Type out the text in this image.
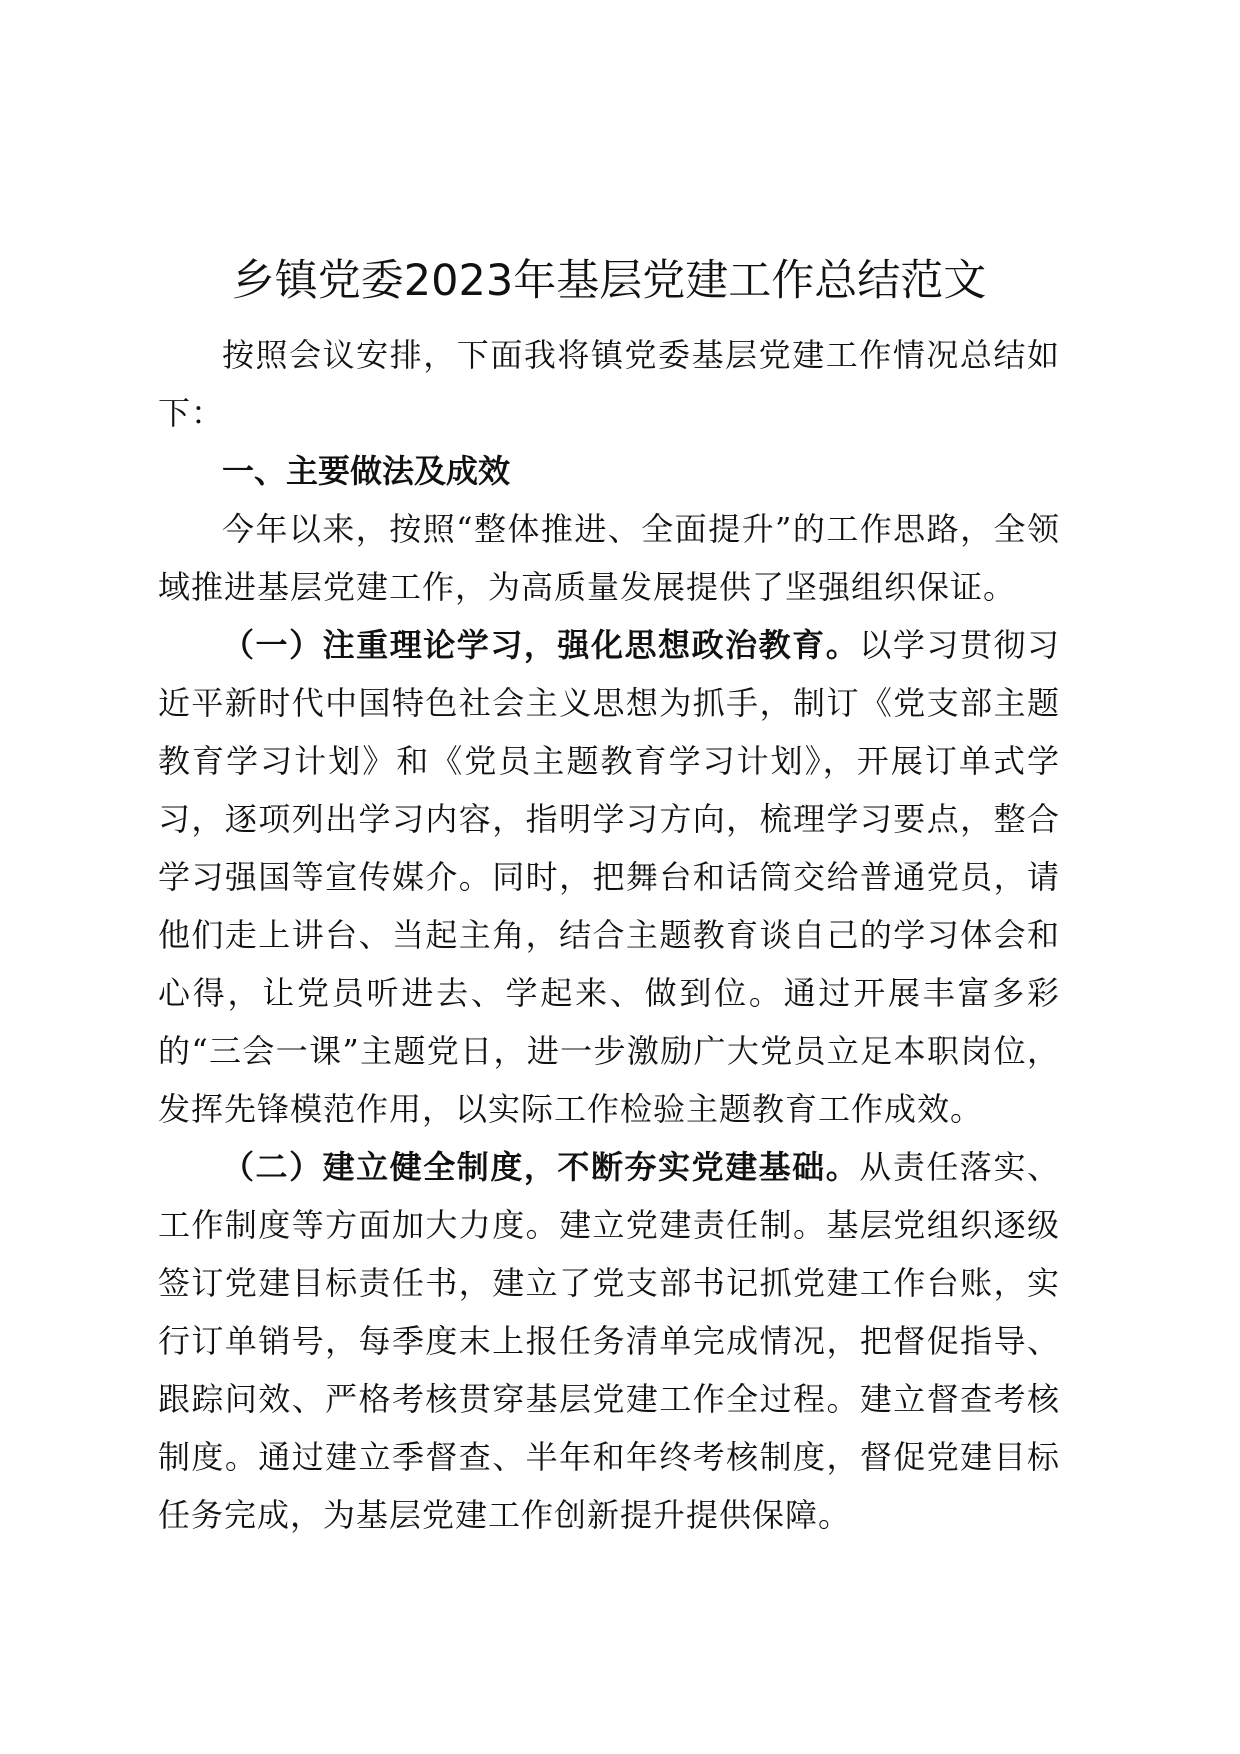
乡镇党委2023年基层党建工作总结范文

按照会议安排，下面我将镇党委基层党建工作情况总结如下：

一、主要做法及成效

今年以来，按照“整体推进、全面提升”的工作思路，全领域推进基层党建工作，为高质量发展提供了坚强组织保证。

（一）注重理论学习，强化思想政治教育。以学习贯彻习近平新时代中国特色社会主义思想为抓手，制订《党支部主题教育学习计划》和《党员主题教育学习计划》，开展订单式学习，逐项列出学习内容，指明学习方向，梳理学习要点，整合学习强国等宣传媒介。同时，把舞台和话筒交给普通党员，请他们走上讲台、当起主角，结合主题教育谈自己的学习体会和心得，让党员听进去、学起来、做到位。通过开展丰富多彩的“三会一课”主题党日，进一步激励广大党员立足本职岗位，发挥先锋模范作用，以实际工作检验主题教育工作成效。

（二）建立健全制度，不断夯实党建基础。从责任落实、工作制度等方面加大力度。建立党建责任制。基层党组织逐级签订党建目标责任书，建立了党支部书记抓党建工作台账，实行订单销号，每季度末上报任务清单完成情况，把督促指导、跟踪问效、严格考核贯穿基层党建工作全过程。建立督查考核制度。通过建立季督查、半年和年终考核制度，督促党建目标任务完成，为基层党建工作创新提升提供保障。
